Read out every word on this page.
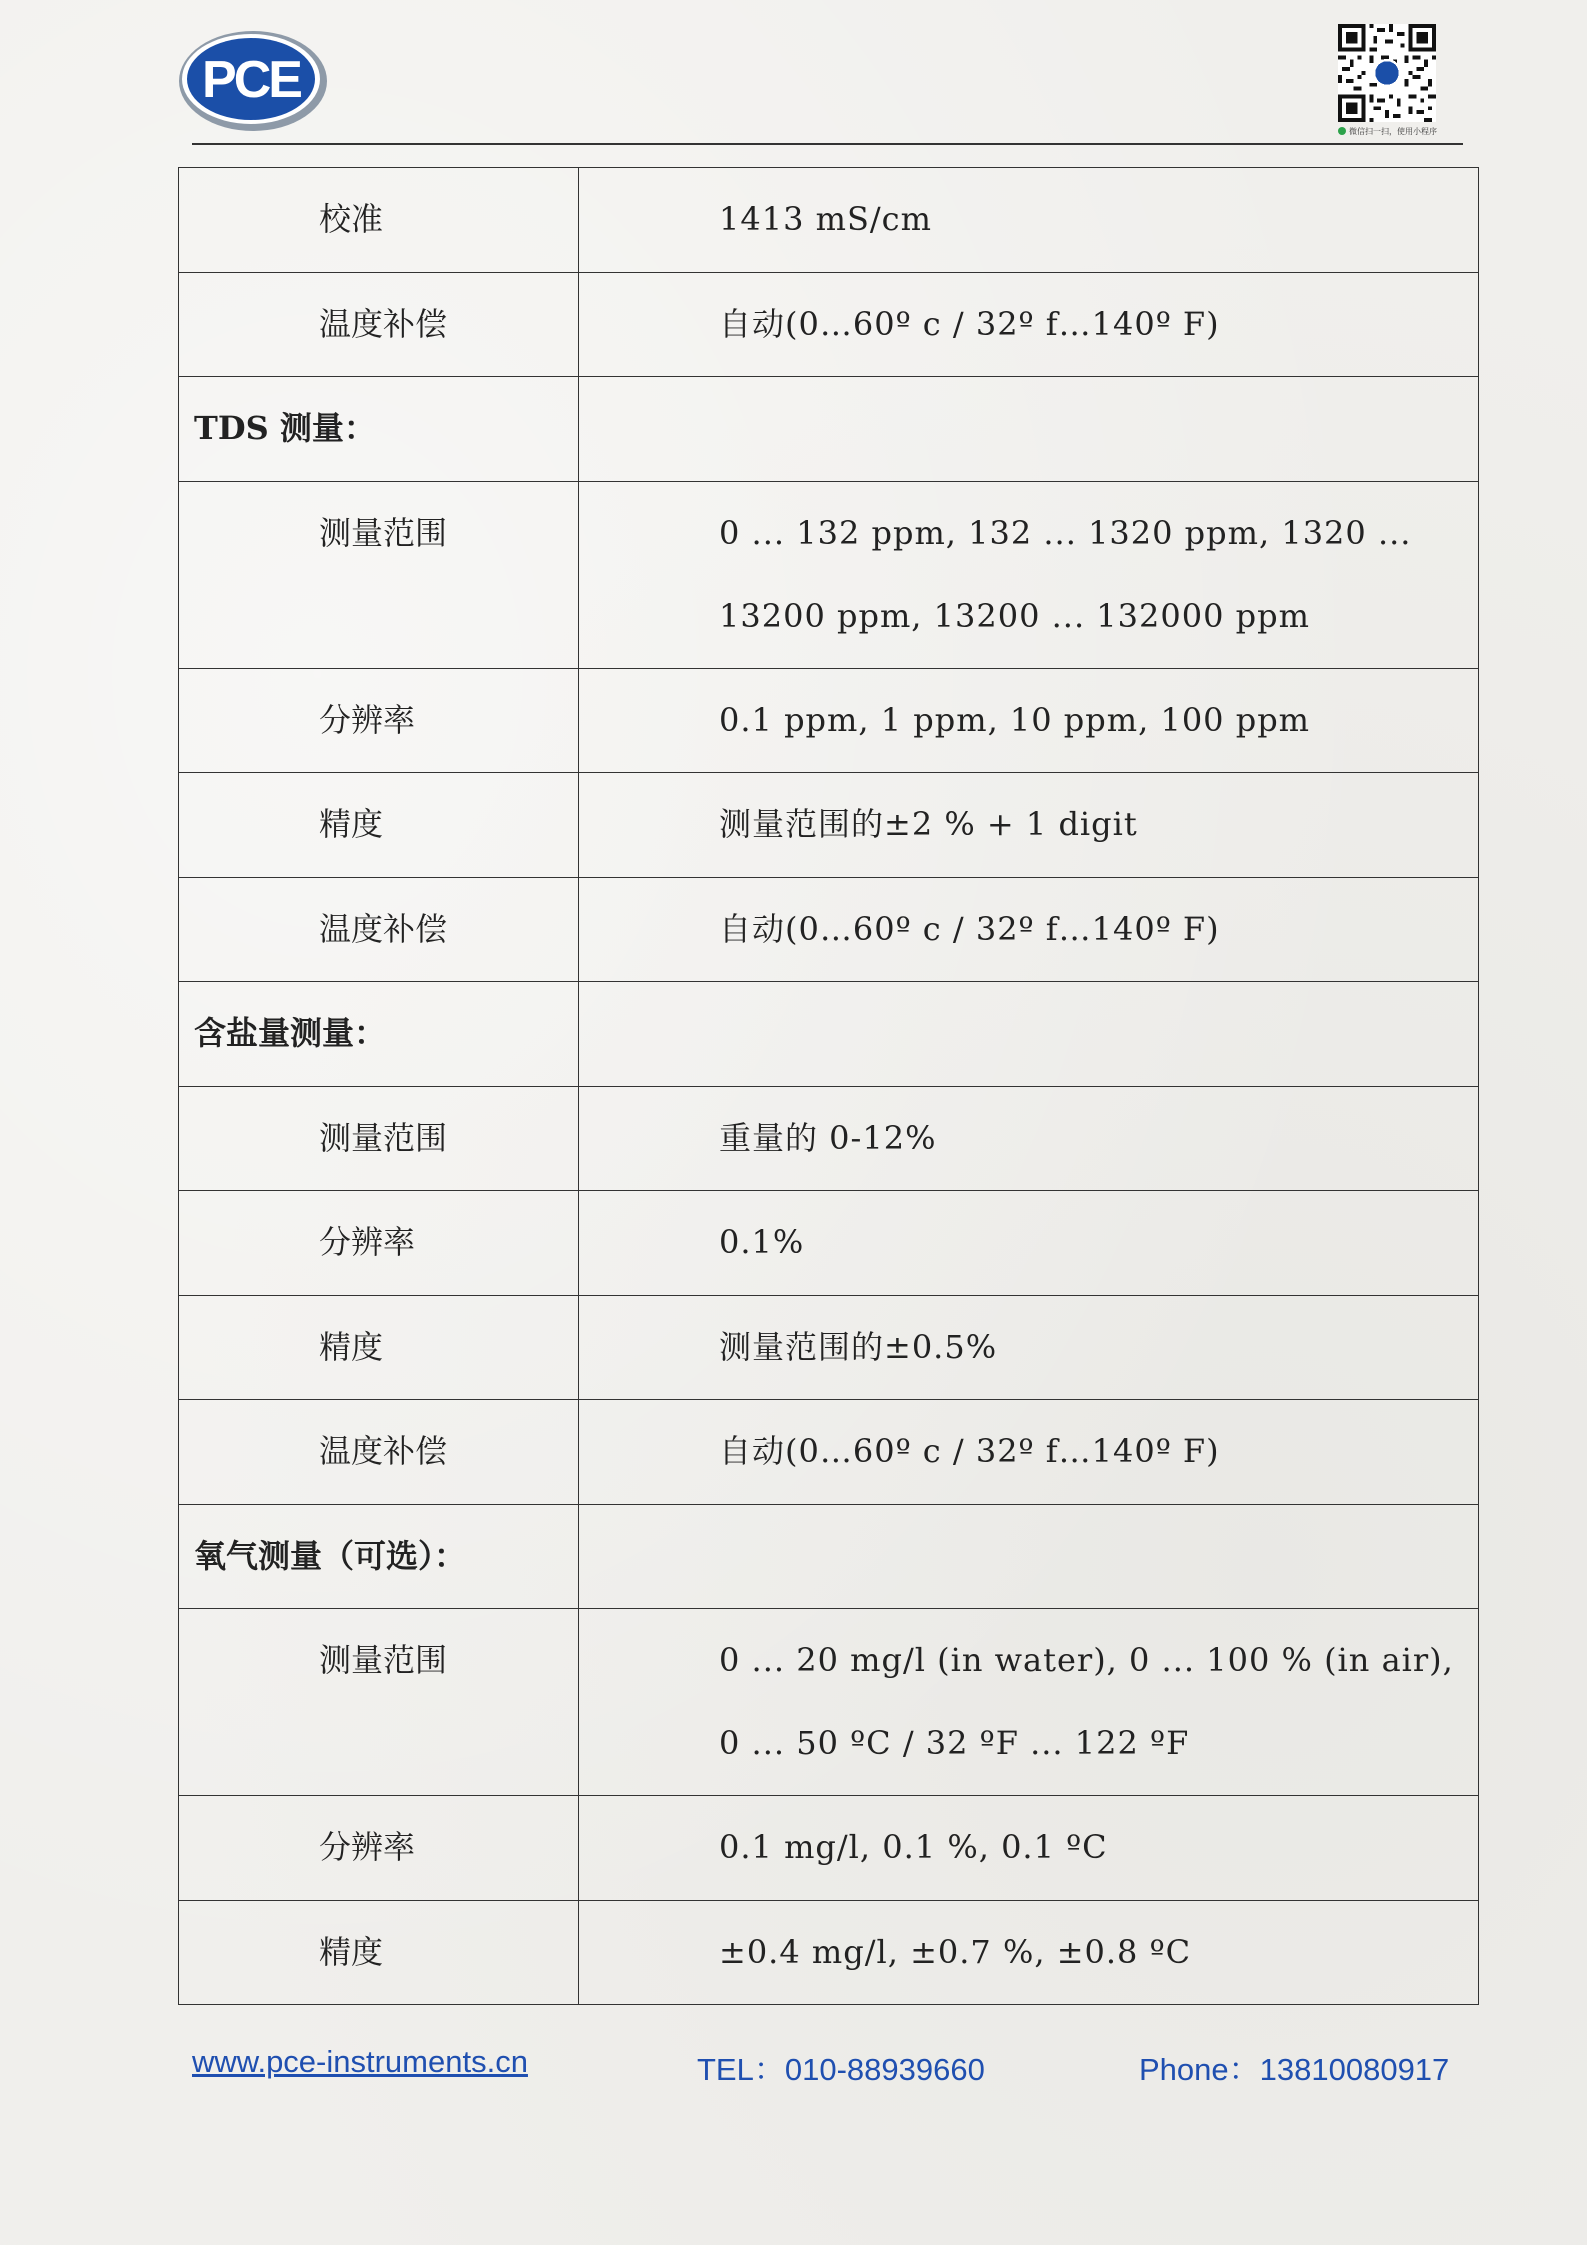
PCE
微信扫一扫，使用小程序
校准	1413 mS/cm
温度补偿	自动(0…60º c / 32º f…140º F)
TDS 测量：	
测量范围	0 ... 132 ppm, 132 ... 1320 ppm, 1320 ... 13200 ppm, 13200 ... 132000 ppm
分辨率	0.1 ppm, 1 ppm, 10 ppm, 100 ppm
精度	测量范围的±2 % + 1 digit
温度补偿	自动(0…60º c / 32º f…140º F)
含盐量测量：	
测量范围	重量的 0-12%
分辨率	0.1%
精度	测量范围的±0.5%
温度补偿	自动(0…60º c / 32º f…140º F)
氧气测量（可选）：	
测量范围	0 ... 20 mg/l (in water), 0 ... 100 % (in air), 0 ... 50 ºC / 32 ºF ... 122 ºF
分辨率	0.1 mg/l, 0.1 %, 0.1 ºC
精度	±0.4 mg/l, ±0.7 %, ±0.8 ºC
www.pce-instruments.cn	TEL：010-88939660	Phone：13810080917
